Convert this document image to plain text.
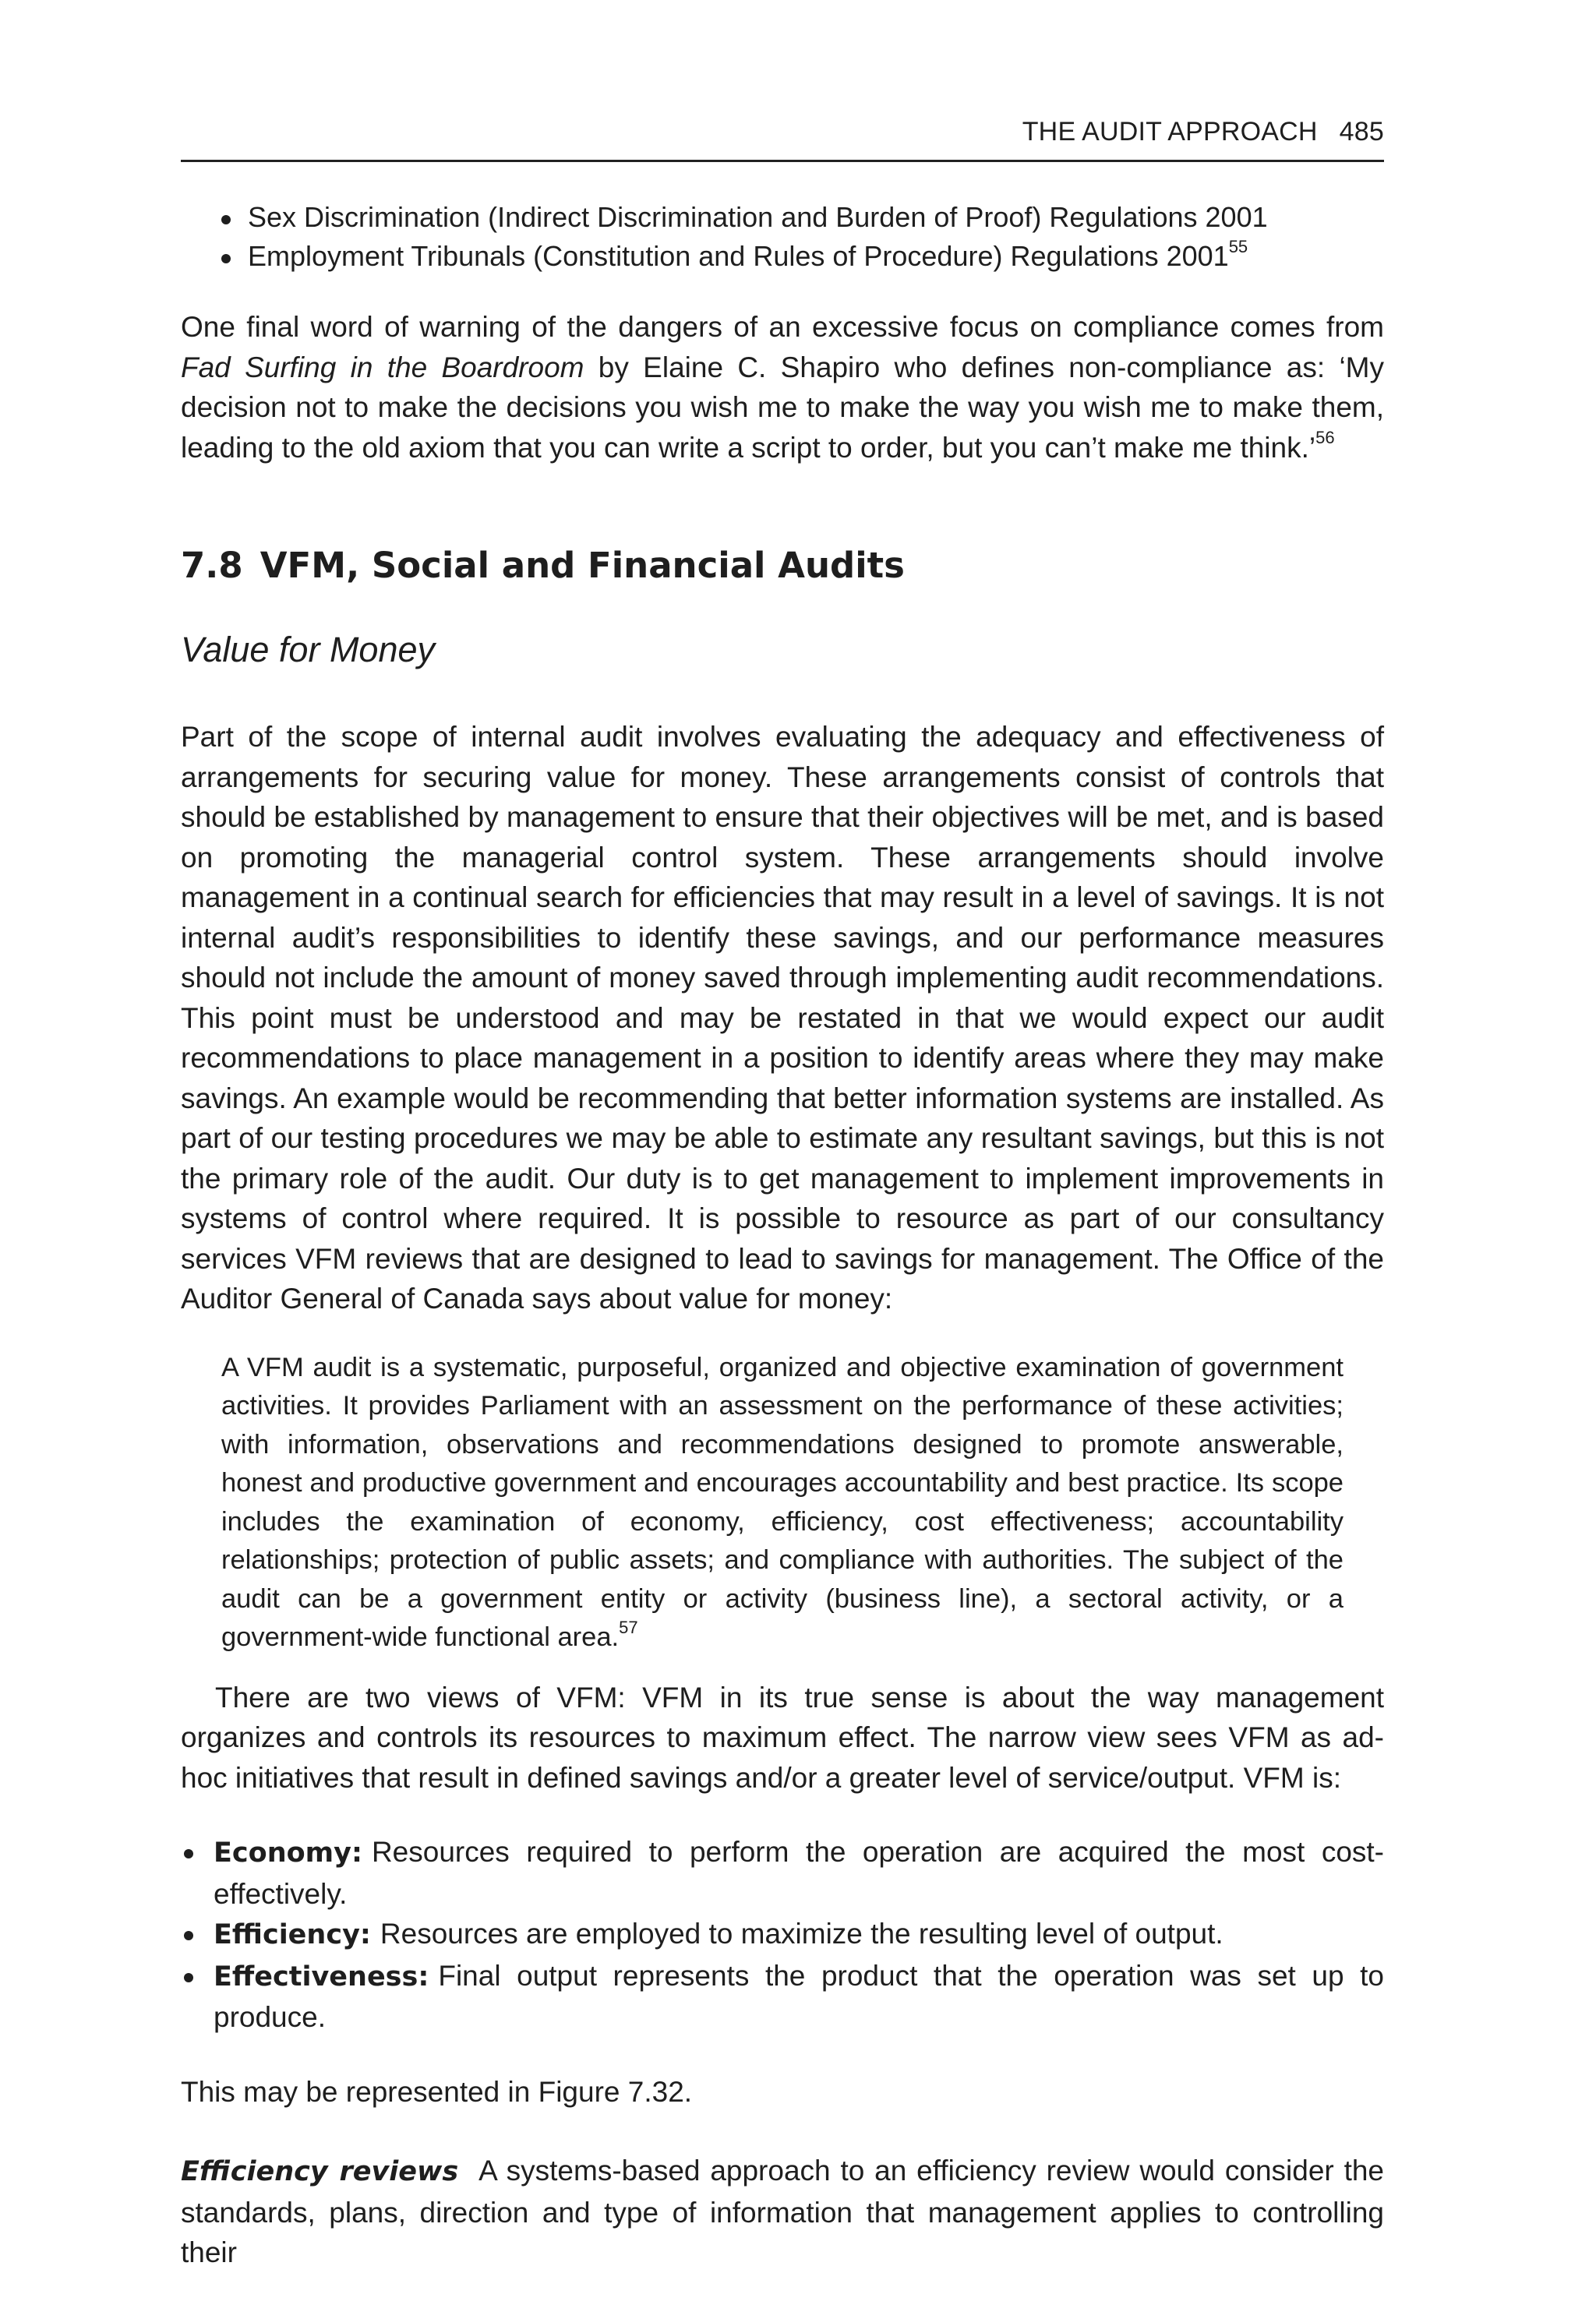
THE AUDIT APPROACH 485
Sex Discrimination (Indirect Discrimination and Burden of Proof) Regulations 2001
Employment Tribunals (Constitution and Rules of Procedure) Regulations 2001$^{55}$

One final word of warning of the dangers of an excessive focus on compliance comes from Fad Surfing in the Boardroom by Elaine C. Shapiro who defines non-compliance as: ‘My decision not to make the decisions you wish me to make the way you wish me to make them, leading to the old axiom that you can write a script to order, but you can’t make me think.’$^{56}$

7.8 VFM, Social and Financial Audits
Value for Money

Part of the scope of internal audit involves evaluating the adequacy and effectiveness of arrangements for securing value for money. These arrangements consist of controls that should be established by management to ensure that their objectives will be met, and is based on promoting the managerial control system. These arrangements should involve management in a continual search for efficiencies that may result in a level of savings. It is not internal audit’s responsibilities to identify these savings, and our performance measures should not include the amount of money saved through implementing audit recommendations. This point must be understood and may be restated in that we would expect our audit recommendations to place management in a position to identify areas where they may make savings. An example would be recommending that better information systems are installed. As part of our testing procedures we may be able to estimate any resultant savings, but this is not the primary role of the audit. Our duty is to get management to implement improvements in systems of control where required. It is possible to resource as part of our consultancy services VFM reviews that are designed to lead to savings for management. The Office of the Auditor General of Canada says about value for money:

A VFM audit is a systematic, purposeful, organized and objective examination of government activities. It provides Parliament with an assessment on the performance of these activities; with information, observations and recommendations designed to promote answerable, honest and productive government and encourages accountability and best practice. Its scope includes the examination of economy, efficiency, cost effectiveness; accountability relationships; protection of public assets; and compliance with authorities. The subject of the audit can be a government entity or activity (business line), a sectoral activity, or a government-wide functional area.$^{57}$

There are two views of VFM: VFM in its true sense is about the way management organizes and controls its resources to maximum effect. The narrow view sees VFM as ad-hoc initiatives that result in defined savings and/or a greater level of service/output. VFM is:

Economy: Resources required to perform the operation are acquired the most cost-effectively.
Efficiency: Resources are employed to maximize the resulting level of output.
Effectiveness: Final output represents the product that the operation was set up to produce.

This may be represented in Figure 7.32.

Efficiency reviews A systems-based approach to an efficiency review would consider the standards, plans, direction and type of information that management applies to controlling their
